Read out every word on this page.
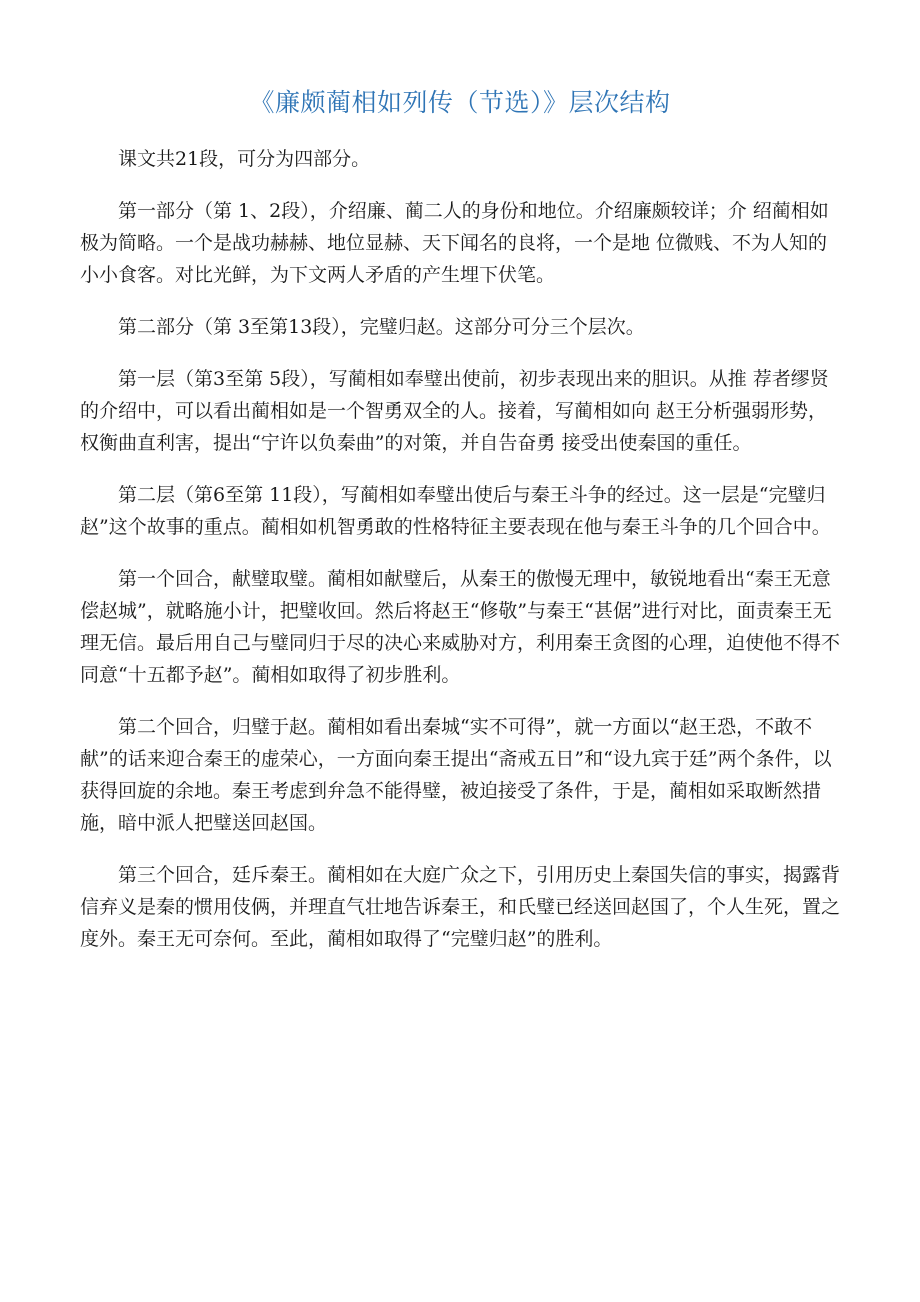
《廉颇蔺相如列传（节选）》层次结构

课文共21段，可分为四部分。

第一部分（第 1、2段），介绍廉、蔺二人的身份和地位。介绍廉颇较详；介 绍蔺相如极为简略。一个是战功赫赫、地位显赫、天下闻名的良将，一个是地 位微贱、不为人知的小小食客。对比光鲜，为下文两人矛盾的产生埋下伏笔。

第二部分（第 3至第13段），完璧归赵。这部分可分三个层次。

第一层（第3至第 5段），写蔺相如奉璧出使前，初步表现出来的胆识。从推 荐者缪贤的介绍中，可以看出蔺相如是一个智勇双全的人。接着，写蔺相如向 赵王分析强弱形势，权衡曲直利害，提出“宁许以负秦曲”的对策，并自告奋勇 接受出使秦国的重任。

第二层（第6至第 11段），写蔺相如奉璧出使后与秦王斗争的经过。这一层是“完璧归赵”这个故事的重点。蔺相如机智勇敢的性格特征主要表现在他与秦王斗争的几个回合中。

第一个回合，献璧取璧。蔺相如献璧后，从秦王的傲慢无理中，敏锐地看出“秦王无意偿赵城”，就略施小计，把璧收回。然后将赵王“修敬”与秦王“甚倨”进行对比，面责秦王无理无信。最后用自己与璧同归于尽的决心来威胁对方，利用秦王贪图的心理，迫使他不得不同意“十五都予赵”。蔺相如取得了初步胜利。

第二个回合，归璧于赵。蔺相如看出秦城“实不可得”，就一方面以“赵王恐，不敢不献”的话来迎合秦王的虚荣心，一方面向秦王提出“斋戒五日”和“设九宾于廷”两个条件，以获得回旋的余地。秦王考虑到弁急不能得璧，被迫接受了条件，于是，蔺相如采取断然措施，暗中派人把璧送回赵国。

第三个回合，廷斥秦王。蔺相如在大庭广众之下，引用历史上秦国失信的事实，揭露背信弃义是秦的惯用伎俩，并理直气壮地告诉秦王，和氏璧已经送回赵国了，个人生死，置之度外。秦王无可奈何。至此，蔺相如取得了“完璧归赵”的胜利。
